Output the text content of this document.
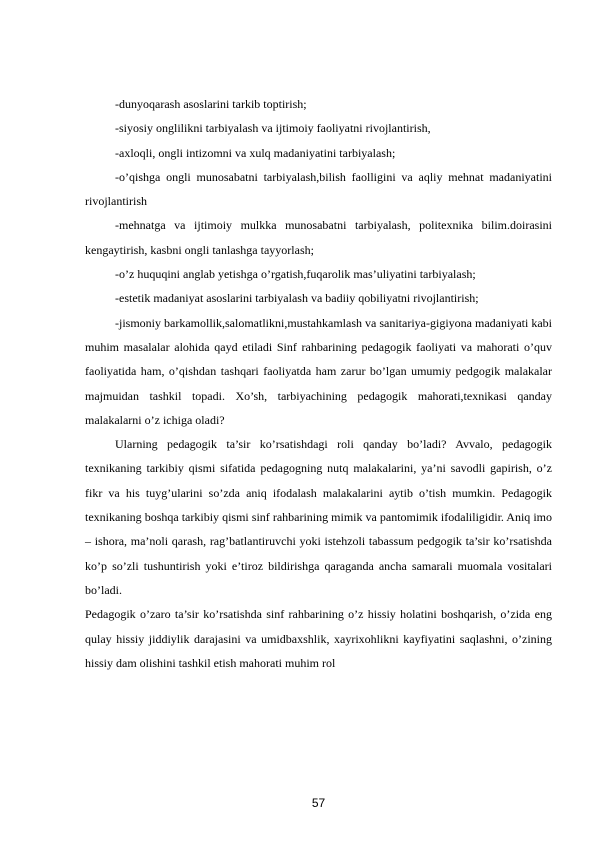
-dunyoqarash asoslarini tarkib toptirish;

-siyosiy onglilikni tarbiyalash va ijtimoiy faoliyatni rivojlantirish,

-axloqli, ongli intizomni va xulq madaniyatini tarbiyalash;

-o’qishga ongli munosabatni tarbiyalash,bilish faolligini va aqliy mehnat madaniyatini rivojlantirish

-mehnatga va ijtimoiy mulkka munosabatni tarbiyalash, politexnika bilim.doirasini kengaytirish, kasbni ongli tanlashga tayyorlash;

-o’z huquqini anglab yetishga o’rgatish,fuqarolik mas’uliyatini tarbiyalash;

-estetik madaniyat asoslarini tarbiyalash va badiiy qobiliyatni rivojlantirish;

-jismoniy barkamollik,salomatlikni,mustahkamlash va sanitariya-gigiyona madaniyati kabi muhim masalalar alohida qayd etiladi Sinf rahbarining pedagogik faoliyati va mahorati o’quv faoliyatida ham, o’qishdan tashqari faoliyatda ham zarur bo’lgan umumiy pedgogik malakalar majmuidan tashkil topadi. Xo’sh, tarbiyachining pedagogik mahorati,texnikasi qanday malakalarni o’z ichiga oladi?

Ularning pedagogik ta’sir ko’rsatishdagi roli qanday bo’ladi? Avvalo, pedagogik texnikaning tarkibiy qismi sifatida pedagogning nutq malakalarini, ya’ni savodli gapirish, o’z fikr va his tuyg’ularini so’zda aniq ifodalash malakalarini aytib o’tish mumkin. Pedagogik texnikaning boshqa tarkibiy qismi sinf rahbarining mimik va pantomimik ifodaliligidir. Aniq imo – ishora, ma’noli qarash, rag’batlantiruvchi yoki istehzoli tabassum pedgogik ta’sir ko’rsatishda ko’p so’zli tushuntirish yoki e’tiroz bildirishga qaraganda ancha samarali muomala vositalari bo’ladi.

Pedagogik o’zaro ta’sir ko’rsatishda sinf rahbarining o’z hissiy holatini boshqarish, o’zida eng qulay hissiy jiddiylik darajasini va umidbaxshlik, xayrixohlikni kayfiyatini saqlashni, o’zining hissiy dam olishini tashkil etish mahorati muhim rol

57
